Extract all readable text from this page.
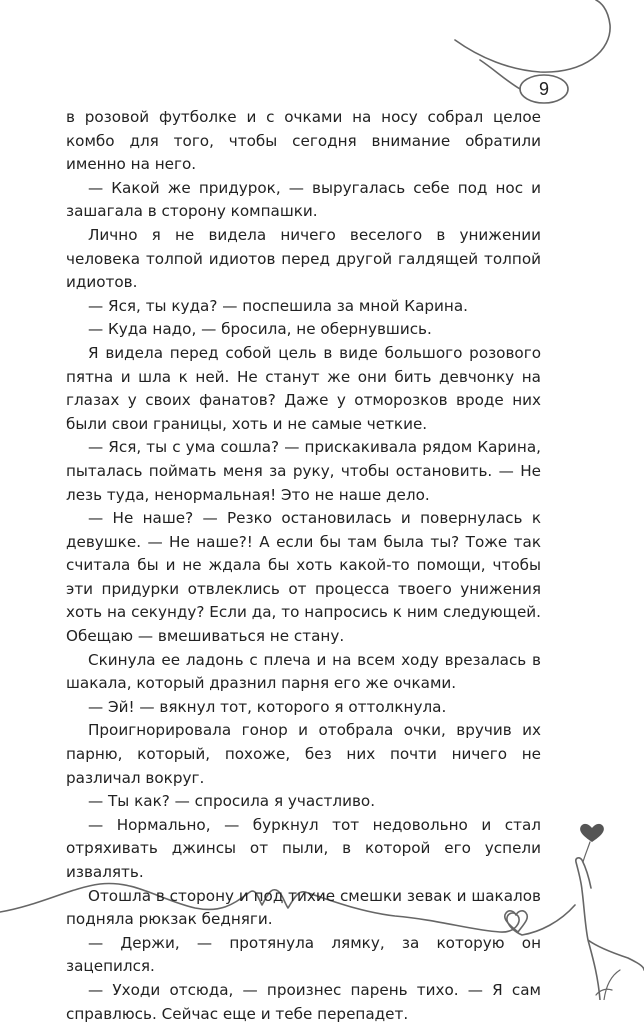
9

в розовой футболке и с очками на носу собрал целое комбо для того, чтобы сегодня внимание обратили именно на него.

— Какой же придурок, — выругалась себе под нос и зашагала в сторону компашки.

Лично я не видела ничего веселого в унижении человека толпой идиотов перед другой галдящей толпой идиотов.

— Яся, ты куда? — поспешила за мной Карина.

— Куда надо, — бросила, не обернувшись.

Я видела перед собой цель в виде большого розового пятна и шла к ней. Не станут же они бить девчонку на глазах у своих фанатов? Даже у отморозков вроде них были свои границы, хоть и не самые четкие.

— Яся, ты с ума сошла? — прискакивала рядом Карина, пыталась поймать меня за руку, чтобы остановить. — Не лезь туда, ненормальная! Это не наше дело.

— Не наше? — Резко остановилась и повернулась к девушке. — Не наше?! А если бы там была ты? Тоже так считала бы и не ждала бы хоть какой-то помощи, чтобы эти придурки отвлеклись от процесса твоего унижения хоть на секунду? Если да, то напросись к ним следующей. Обещаю — вмешиваться не стану.

Скинула ее ладонь с плеча и на всем ходу врезалась в шакала, который дразнил парня его же очками.

— Эй! — вякнул тот, которого я оттолкнула.

Проигнорировала гонор и отобрала очки, вручив их парню, который, похоже, без них почти ничего не различал вокруг.

— Ты как? — спросила я участливо.

— Нормально, — буркнул тот недовольно и стал отряхивать джинсы от пыли, в которой его успели извалять.

Отошла в сторону и под тихие смешки зевак и шакалов подняла рюкзак бедняги.

— Держи, — протянула лямку, за которую он зацепился.

— Уходи отсюда, — произнес парень тихо. — Я сам справлюсь. Сейчас еще и тебе перепадет.
